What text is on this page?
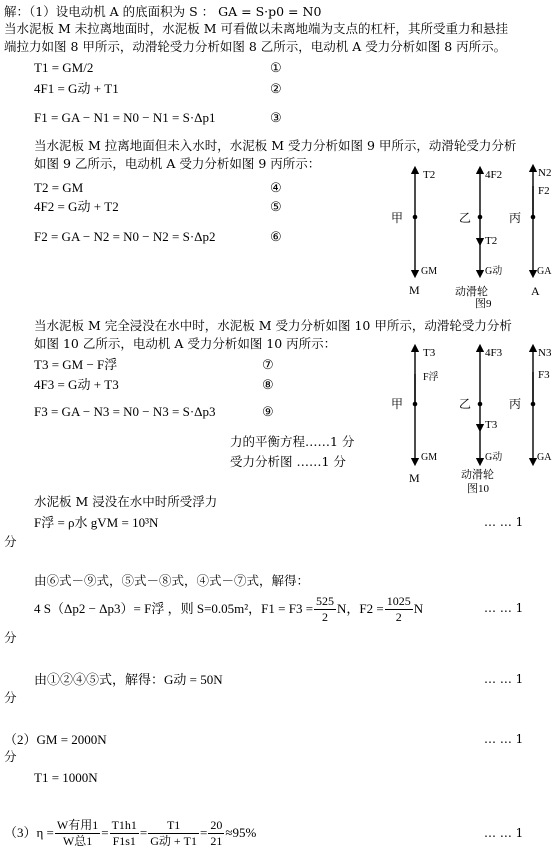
解：（1）设电动机 A 的底面积为 S ： GA = S·p0 = N0
当水泥板 M 未拉离地面时，水泥板 M 可看做以未离地端为支点的杠杆，其所受重力和悬挂
端拉力如图 8 甲所示，动滑轮受力分析如图 8 乙所示，电动机 A 受力分析如图 8 丙所示。
T1 = GM/2	①
4F1 = G动 + T1	②
F1 = GA − N1 = N0 − N1 = S·Δp1	③
当水泥板 M 拉离地面但未入水时，水泥板 M 受力分析如图 9 甲所示，动滑轮受力分析
如图 9 乙所示，电动机 A 受力分析如图 9 丙所示：
T2 = GM	④
4F2 = G动 + T2	⑤
F2 = GA − N2 = N0 − N2 = S·Δp2	⑥
T2
GM
甲
M
4F2
T2
G动
乙
动滑轮
图9
N2
F2
GA
丙
A
当水泥板 M 完全浸没在水中时，水泥板 M 受力分析如图 10 甲所示，动滑轮受力分析
如图 10 乙所示，电动机 A 受力分析如图 10 丙所示：
T3 = GM − F浮	⑦
4F3 = G动 + T3	⑧
F3 = GA − N3 = N0 − N3 = S·Δp3	⑨
力的平衡方程……1 分
受力分析图 ……1 分
T3
F浮
GM
甲
M
4F3
T3
G动
乙
动滑轮
图10
N3
F3
GA
丙
水泥板 M 浸没在水中时所受浮力
F浮 = ρ水 gVM = 10³N	… … 1
分
由⑥式－⑨式，⑤式－⑧式，④式－⑦式，解得：
4 S（Δp2 − Δp3）= F浮 ，则 S=0.05m²，$F1 = F3 = \frac{525}{2}$ N，$F2 = \frac{1025}{2}$ N	… … 1
分
由①②④⑤式，解得：G动 = 50N	… … 1
分
（2）GM = 2000N	… … 1
分
T1 = 1000N
$(3)\eta = \frac{\text{W有用1}}{\text{W总1}} = \frac{T1h1}{F1s1} = \frac{T1}{\text{G动 + T1}} = \frac{20}{21} \approx 95\%$	… … 1
